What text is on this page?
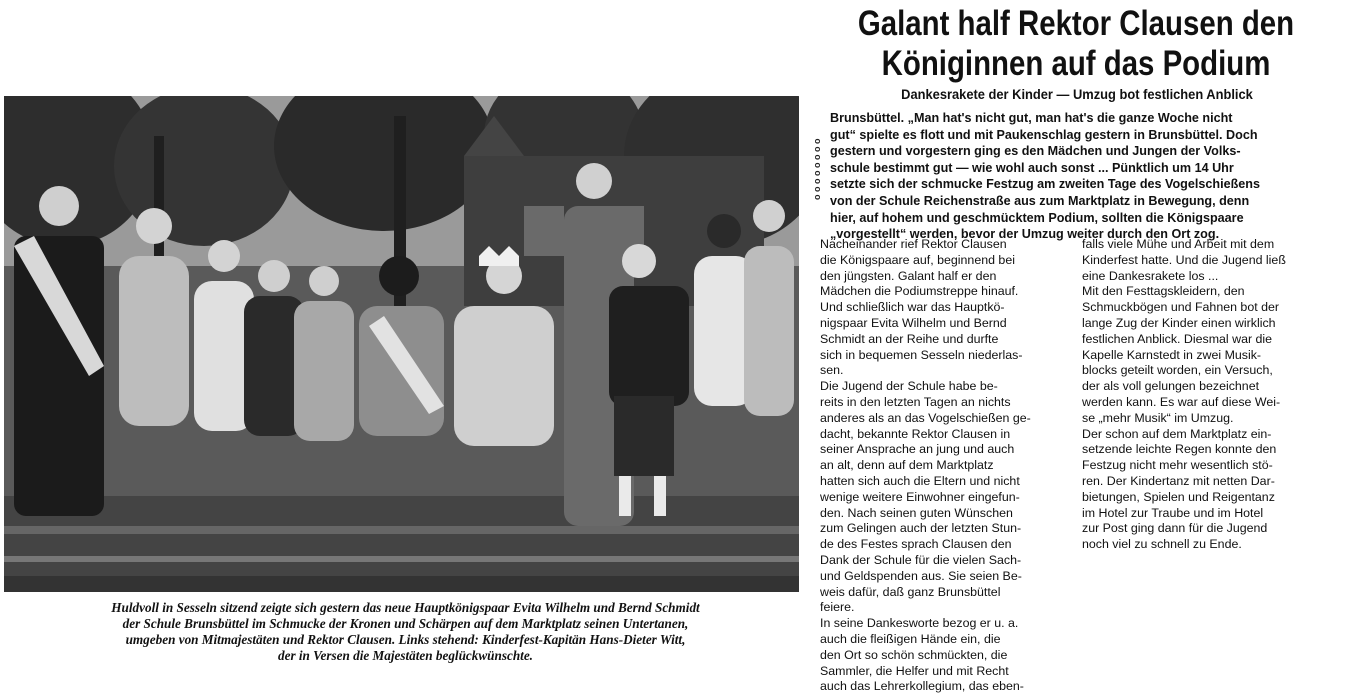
Huldvoll in Sesseln sitzend zeigte sich gestern das neue Hauptkönigspaar Evita Wilhelm und Bernd Schmidt
der Schule Brunsbüttel im Schmucke der Kronen und Schärpen auf dem Marktplatz seinen Untertanen,
umgeben von Mitmajestäten und Rektor Clausen. Links stehend: Kinderfest-Kapitän Hans-Dieter Witt,
der in Versen die Majestäten beglückwünschte.
Galant half Rektor Clausen den
Königinnen auf das Podium
Dankesrakete der Kinder — Umzug bot festlichen Anblick
o o o o o o o o
Brunsbüttel. „Man hat's nicht gut, man hat's die ganze Woche nicht
gut“ spielte es flott und mit Paukenschlag gestern in Brunsbüttel. Doch
gestern und vorgestern ging es den Mädchen und Jungen der Volks-
schule bestimmt gut — wie wohl auch sonst ... Pünktlich um 14 Uhr
setzte sich der schmucke Festzug am zweiten Tage des Vogelschießens
von der Schule Reichenstraße aus zum Marktplatz in Bewegung, denn
hier, auf hohem und geschmücktem Podium, sollten die Königspaare
„vorgestellt“ werden, bevor der Umzug weiter durch den Ort zog.
Nacheinander rief Rektor Clausen
die Königspaare auf, beginnend bei
den jüngsten. Galant half er den
Mädchen die Podiumstreppe hinauf.
Und schließlich war das Hauptkö-
nigspaar Evita Wilhelm und Bernd
Schmidt an der Reihe und durfte
sich in bequemen Sesseln niederlas-
sen.
Die Jugend der Schule habe be-
reits in den letzten Tagen an nichts
anderes als an das Vogelschießen ge-
dacht, bekannte Rektor Clausen in
seiner Ansprache an jung und auch
an alt, denn auf dem Marktplatz
hatten sich auch die Eltern und nicht
wenige weitere Einwohner eingefun-
den. Nach seinen guten Wünschen
zum Gelingen auch der letzten Stun-
de des Festes sprach Clausen den
Dank der Schule für die vielen Sach-
und Geldspenden aus. Sie seien Be-
weis dafür, daß ganz Brunsbüttel
feiere.
In seine Dankesworte bezog er u. a.
auch die fleißigen Hände ein, die
den Ort so schön schmückten, die
Sammler, die Helfer und mit Recht
auch das Lehrerkollegium, das eben-
falls viele Mühe und Arbeit mit dem
Kinderfest hatte. Und die Jugend ließ
eine Dankesrakete los ...
Mit den Festtagskleidern, den
Schmuckbögen und Fahnen bot der
lange Zug der Kinder einen wirklich
festlichen Anblick. Diesmal war die
Kapelle Karnstedt in zwei Musik-
blocks geteilt worden, ein Versuch,
der als voll gelungen bezeichnet
werden kann. Es war auf diese Wei-
se „mehr Musik“ im Umzug.
Der schon auf dem Marktplatz ein-
setzende leichte Regen konnte den
Festzug nicht mehr wesentlich stö-
ren. Der Kindertanz mit netten Dar-
bietungen, Spielen und Reigentanz
im Hotel zur Traube und im Hotel
zur Post ging dann für die Jugend
noch viel zu schnell zu Ende.
